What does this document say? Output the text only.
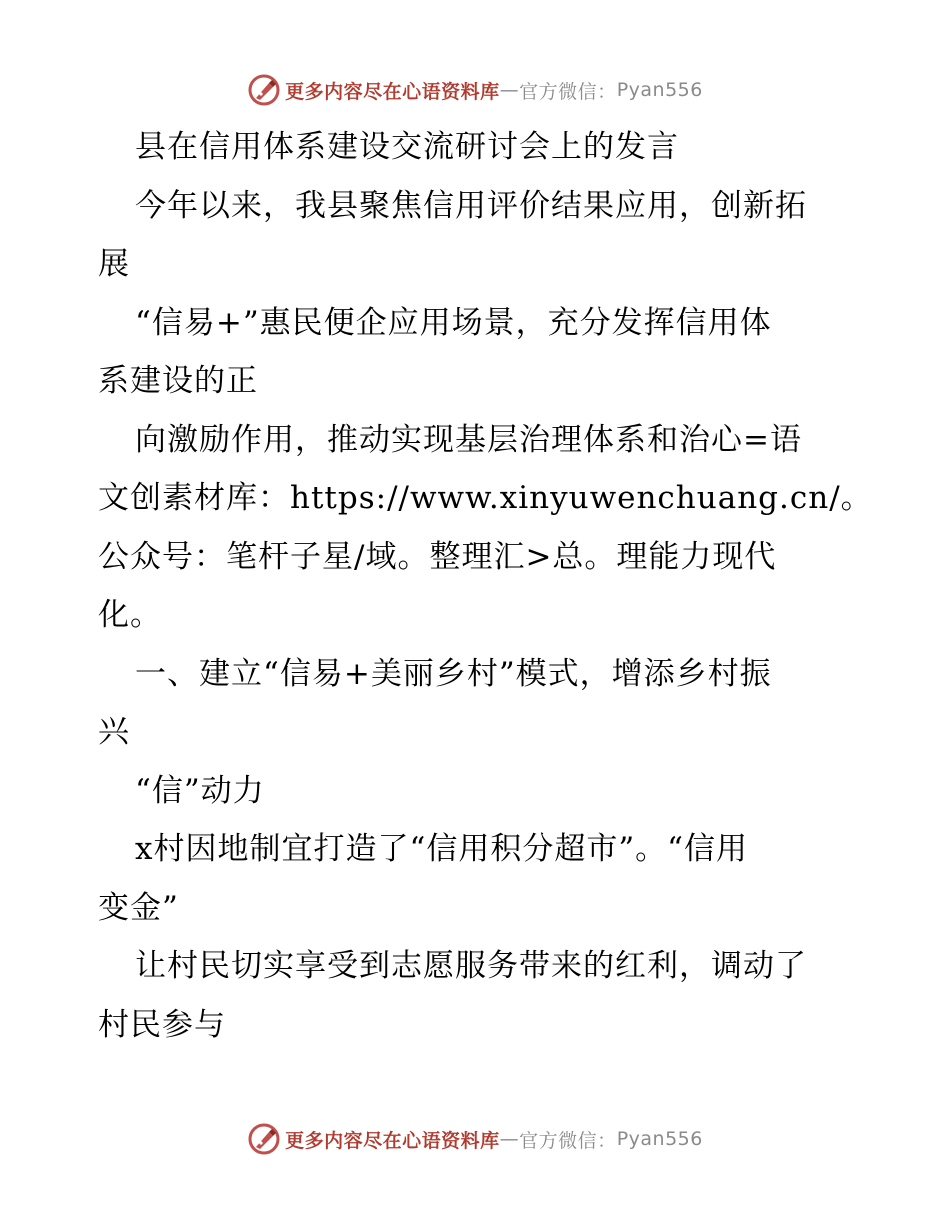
更多内容尽在心语资料库 — 官方微信： Pyan556
县在信用体系建设交流研讨会上的发言
今年以来，我县聚焦信用评价结果应用，创新拓
展
“信易+”惠民便企应用场景，充分发挥信用体
系建设的正
向激励作用，推动实现基层治理体系和治心=语
文创素材库：https://www.xinyuwenchuang.cn/。
公众号：笔杆子星/域。整理汇>总。理能力现代
化。
一、建立“信易+美丽乡村”模式，增添乡村振
兴
“信”动力
x村因地制宜打造了“信用积分超市”。“信用
变金”
让村民切实享受到志愿服务带来的红利，调动了
村民参与
更多内容尽在心语资料库 — 官方微信： Pyan556
